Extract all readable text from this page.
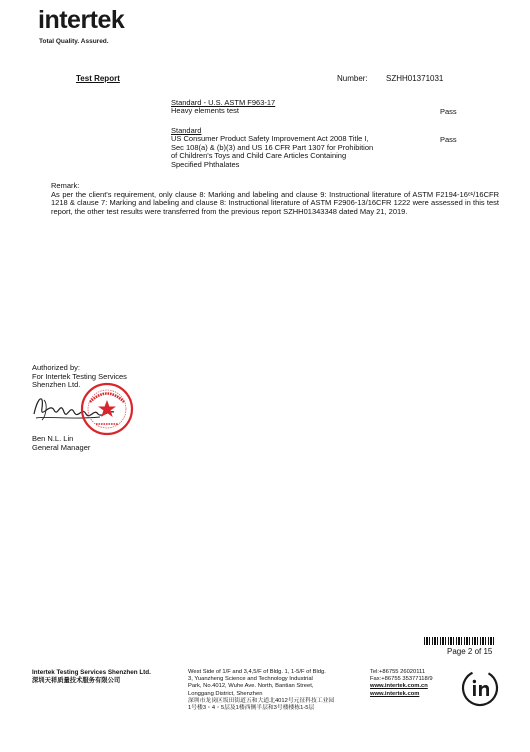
intertek
Total Quality. Assured.
Test Report	Number: SZHH01371031
Standard - U.S. ASTM F963-17
Heavy elements test	Pass
Standard
US Consumer Product Safety Improvement Act 2008 Title I,
Sec 108(a) & (b)(3) and US 16 CFR Part 1307 for Prohibition
of Children's Toys and Child Care Articles Containing
Specified Phthalates
Pass

Remark:

As per the client's requirement, only clause 8: Marking and labeling and clause 9: Instructional literature of ASTM F2194-16ᵉ¹/16CFR 1218 & clause 7: Marking and labeling and clause 8: Instructional literature of ASTM F2906-13/16CFR 1222 were assessed in this test report, the other test results were transferred from the previous report SZHH01343348 dated May 21, 2019.

Authorized by:
For Intertek Testing Services
Shenzhen Ltd.
Ben N.L. Lin
General Manager
Page 2 of 15
Intertek Testing Services Shenzhen Ltd.
深圳天祥质量技术服务有限公司
West Side of 1/F and 3,4,5/F of Bldg. 1, 1-5/F of Bldg.
3, Yuanzheng Science and Technology Industrial
Park, No.4012, Wuhe Ave. North, Bantian Street,
Longgang District, Shenzhen
深圳市龙岗区坂田街道五和大道北4012号元征科技工业园
1号楼3・4・5层及1楼西侧半层和3号楼楼栋1-5层
Tel:+86755 26020111
Fax:+86755 35377118/9
www.intertek.com.cn
www.intertek.com
